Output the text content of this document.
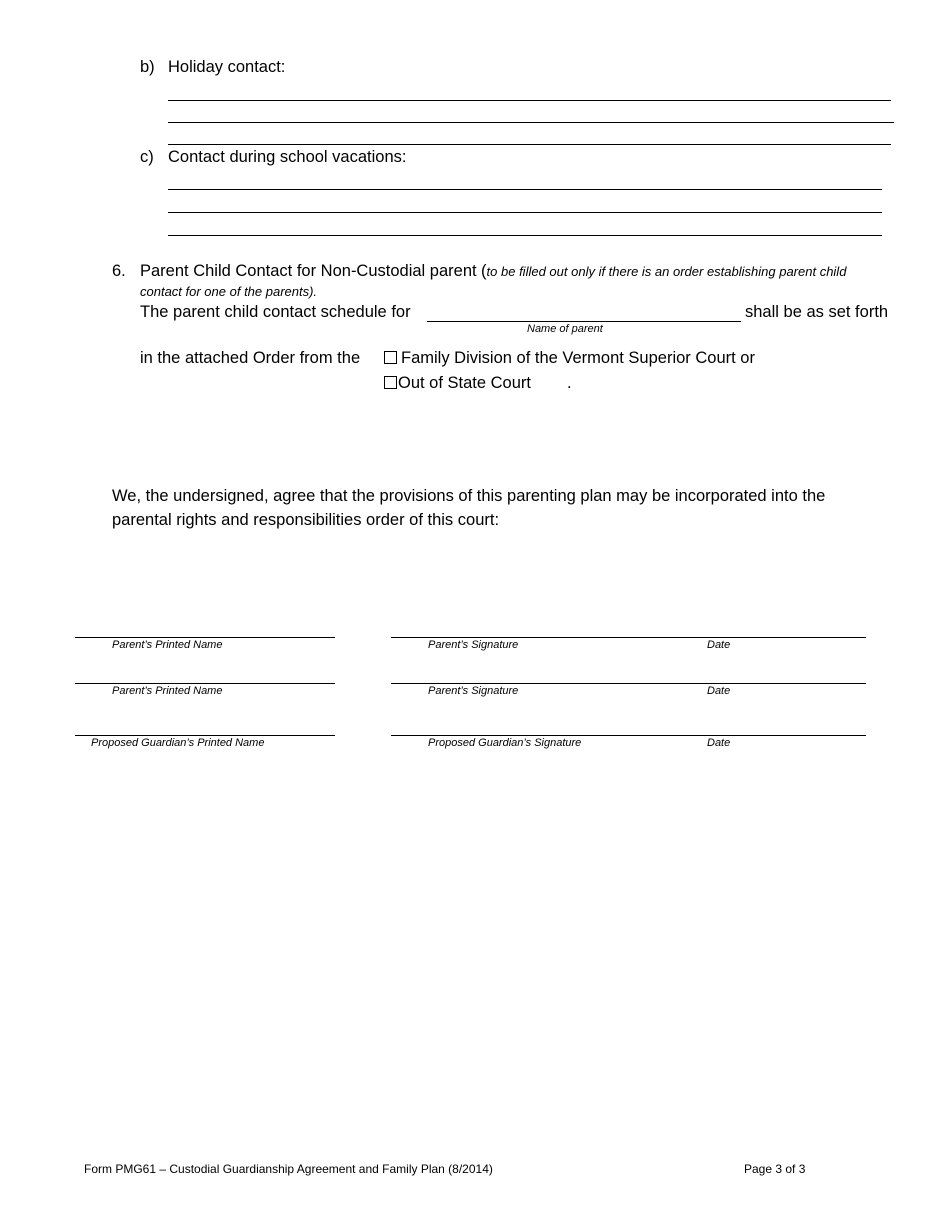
b) Holiday contact:
c) Contact during school vacations:
6. Parent Child Contact for Non-Custodial parent (to be filled out only if there is an order establishing parent child
contact for one of the parents).
The parent child contact schedule for	shall be as set forth
Name of parent
in the attached Order from the	Family Division of the Vermont Superior Court or
Out of State Court .
We, the undersigned, agree that the provisions of this parenting plan may be incorporated into the
parental rights and responsibilities order of this court:
Parent’s Printed Name	Parent’s Signature	Date
Parent’s Printed Name	Parent’s Signature	Date
Proposed Guardian’s Printed Name	Proposed Guardian’s Signature	Date
Form PMG61 – Custodial Guardianship Agreement and Family Plan (8/2014)	Page 3 of 3
